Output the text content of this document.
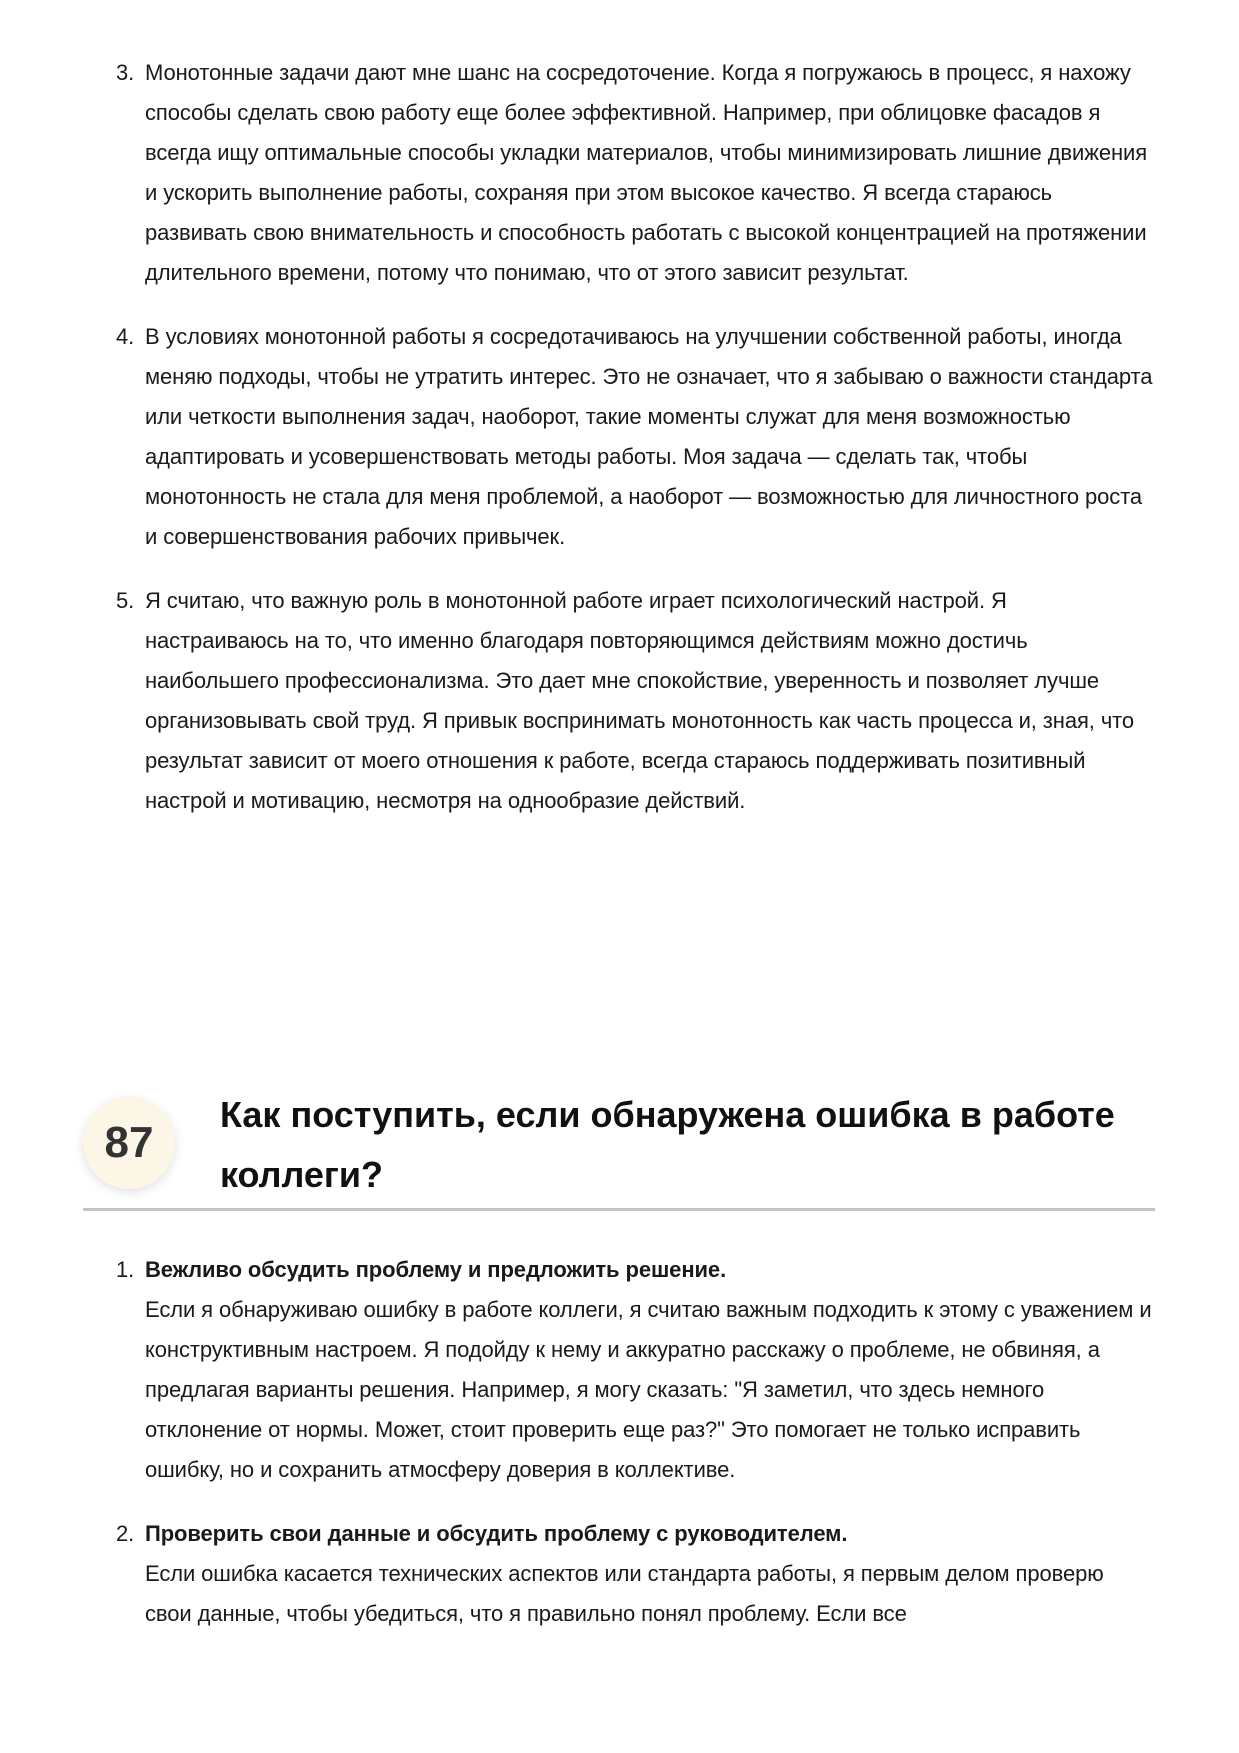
3. Монотонные задачи дают мне шанс на сосредоточение. Когда я погружаюсь в процесс, я нахожу способы сделать свою работу еще более эффективной. Например, при облицовке фасадов я всегда ищу оптимальные способы укладки материалов, чтобы минимизировать лишние движения и ускорить выполнение работы, сохраняя при этом высокое качество. Я всегда стараюсь развивать свою внимательность и способность работать с высокой концентрацией на протяжении длительного времени, потому что понимаю, что от этого зависит результат.
4. В условиях монотонной работы я сосредотачиваюсь на улучшении собственной работы, иногда меняю подходы, чтобы не утратить интерес. Это не означает, что я забываю о важности стандарта или четкости выполнения задач, наоборот, такие моменты служат для меня возможностью адаптировать и усовершенствовать методы работы. Моя задача — сделать так, чтобы монотонность не стала для меня проблемой, а наоборот — возможностью для личностного роста и совершенствования рабочих привычек.
5. Я считаю, что важную роль в монотонной работе играет психологический настрой. Я настраиваюсь на то, что именно благодаря повторяющимся действиям можно достичь наибольшего профессионализма. Это дает мне спокойствие, уверенность и позволяет лучше организовывать свой труд. Я привык воспринимать монотонность как часть процесса и, зная, что результат зависит от моего отношения к работе, всегда стараюсь поддерживать позитивный настрой и мотивацию, несмотря на однообразие действий.
87
Как поступить, если обнаружена ошибка в работе коллеги?
1. Вежливо обсудить проблему и предложить решение.
Если я обнаруживаю ошибку в работе коллеги, я считаю важным подходить к этому с уважением и конструктивным настроем. Я подойду к нему и аккуратно расскажу о проблеме, не обвиняя, а предлагая варианты решения. Например, я могу сказать: "Я заметил, что здесь немного отклонение от нормы. Может, стоит проверить еще раз?" Это помогает не только исправить ошибку, но и сохранить атмосферу доверия в коллективе.
2. Проверить свои данные и обсудить проблему с руководителем.
Если ошибка касается технических аспектов или стандарта работы, я первым делом проверю свои данные, чтобы убедиться, что я правильно понял проблему. Если все
